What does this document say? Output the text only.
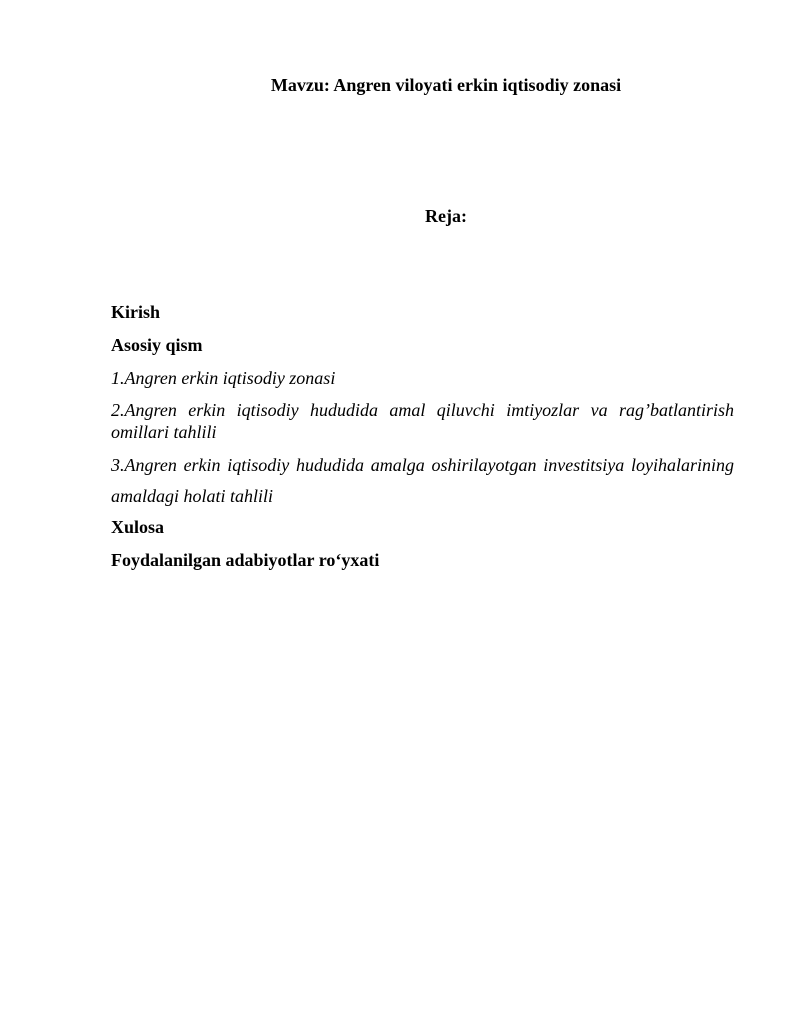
Mavzu: Angren viloyati erkin iqtisodiy zonasi
Reja:
Kirish
Asosiy qism
1.Angren erkin iqtisodiy zonasi
2.Angren erkin iqtisodiy hududida amal qiluvchi imtiyozlar va rag’batlantirish
omillari tahlili
3.Angren erkin iqtisodiy hududida amalga oshirilayotgan investitsiya loyihalarining
amaldagi holati tahlili
Xulosa
Foydalanilgan adabiyotlar ro‘yxati
